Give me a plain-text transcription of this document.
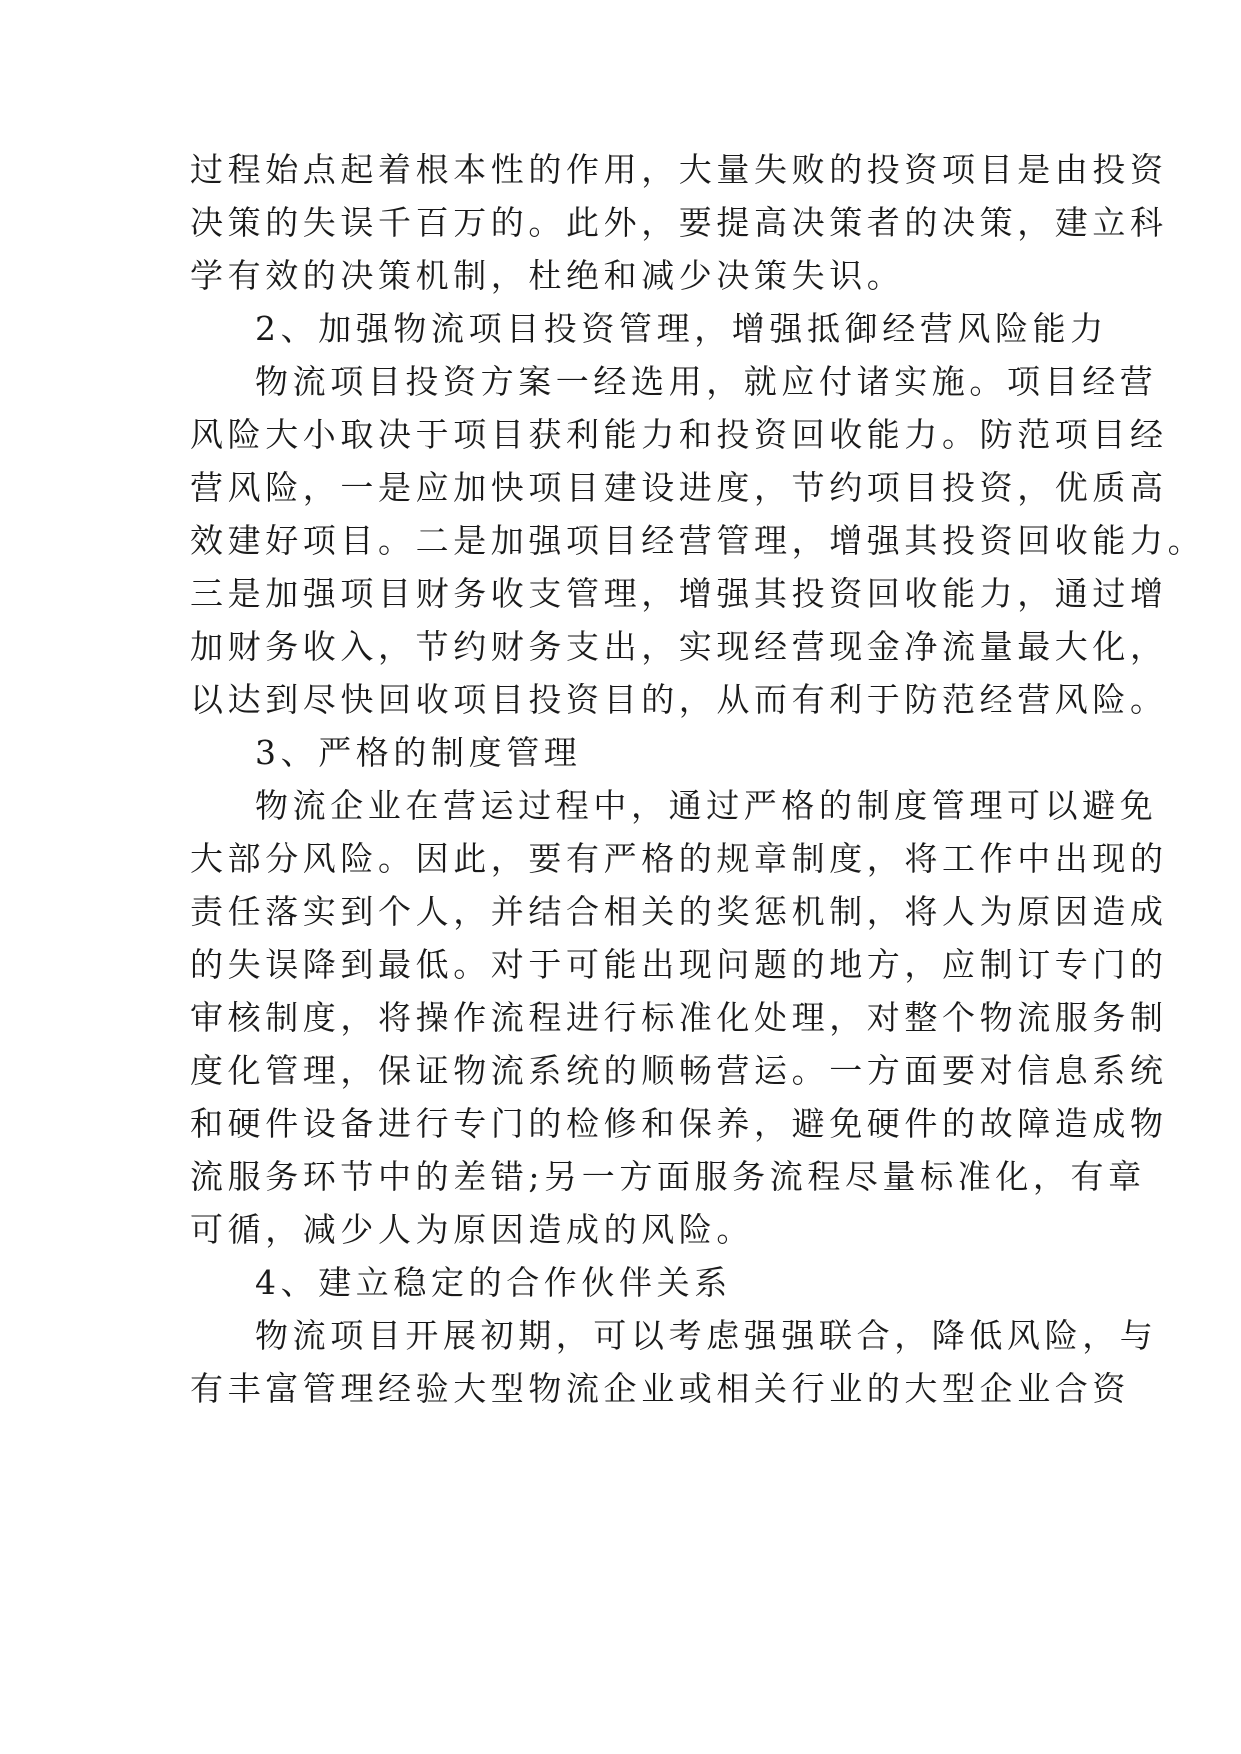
过程始点起着根本性的作用，大量失败的投资项目是由投资
决策的失误千百万的。此外，要提高决策者的决策，建立科
学有效的决策机制，杜绝和减少决策失识。
2、加强物流项目投资管理，增强抵御经营风险能力
物流项目投资方案一经选用，就应付诸实施。项目经营
风险大小取决于项目获利能力和投资回收能力。防范项目经
营风险，一是应加快项目建设进度，节约项目投资，优质高
效建好项目。二是加强项目经营管理，增强其投资回收能力。
三是加强项目财务收支管理，增强其投资回收能力，通过增
加财务收入，节约财务支出，实现经营现金净流量最大化，
以达到尽快回收项目投资目的，从而有利于防范经营风险。
3、严格的制度管理
物流企业在营运过程中，通过严格的制度管理可以避免
大部分风险。因此，要有严格的规章制度，将工作中出现的
责任落实到个人，并结合相关的奖惩机制，将人为原因造成
的失误降到最低。对于可能出现问题的地方，应制订专门的
审核制度，将操作流程进行标准化处理，对整个物流服务制
度化管理，保证物流系统的顺畅营运。一方面要对信息系统
和硬件设备进行专门的检修和保养，避免硬件的故障造成物
流服务环节中的差错;另一方面服务流程尽量标准化，有章
可循，减少人为原因造成的风险。
4、建立稳定的合作伙伴关系
物流项目开展初期，可以考虑强强联合，降低风险，与
有丰富管理经验大型物流企业或相关行业的大型企业合资
